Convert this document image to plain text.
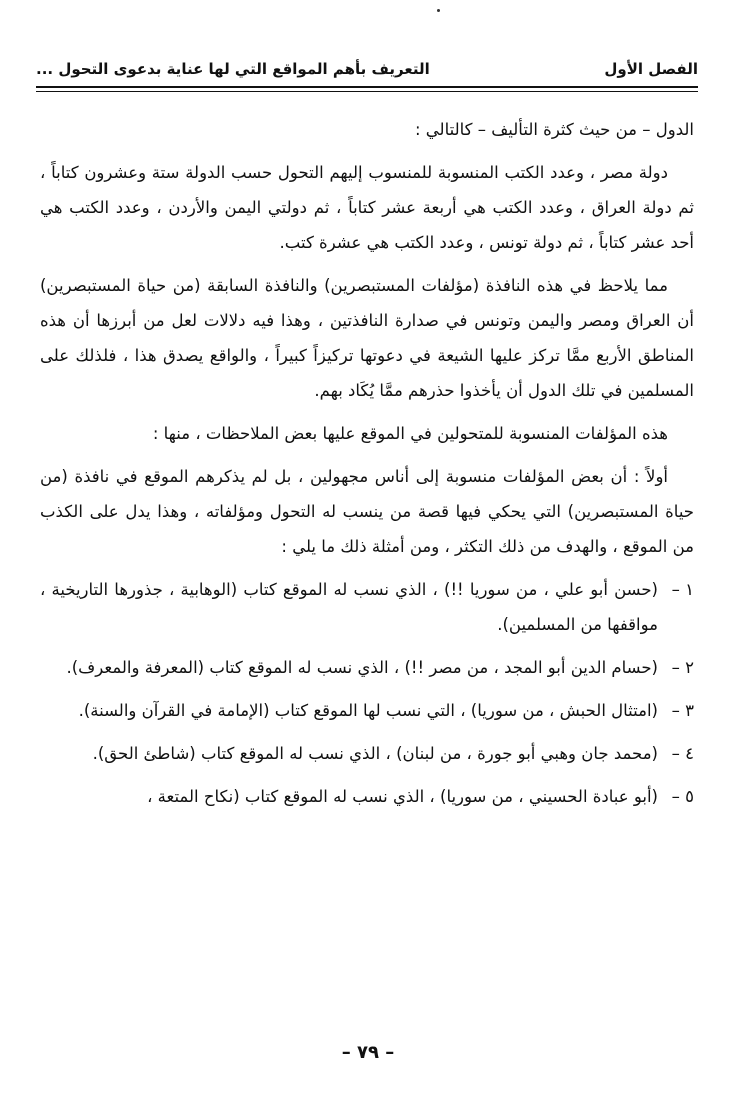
الفصل الأول
التعريف بأهم المواقع التي لها عناية بدعوى التحول ...

الدول – من حيث كثرة التأليف – كالتالي :

دولة مصر ، وعدد الكتب المنسوبة للمنسوب إليهم التحول حسب الدولة ستة وعشرون كتاباً ، ثم دولة العراق ، وعدد الكتب هي أربعة عشر كتاباً ، ثم دولتي اليمن والأردن ، وعدد الكتب هي أحد عشر كتاباً ، ثم دولة تونس ، وعدد الكتب هي عشرة كتب.

مما يلاحظ في هذه النافذة (مؤلفات المستبصرين) والنافذة السابقة (من حياة المستبصرين) أن العراق ومصر واليمن وتونس في صدارة النافذتين ، وهذا فيه دلالات لعل من أبرزها أن هذه المناطق الأربع ممَّا تركز عليها الشيعة في دعوتها تركيزاً كبيراً ، والواقع يصدق هذا ، فلذلك على المسلمين في تلك الدول أن يأخذوا حذرهم ممَّا يُكَاد بهم.

هذه المؤلفات المنسوبة للمتحولين في الموقع عليها بعض الملاحظات ، منها :

أولاً : أن بعض المؤلفات منسوبة إلى أناس مجهولين ، بل لم يذكرهم الموقع في نافذة (من حياة المستبصرين) التي يحكي فيها قصة من ينسب له التحول ومؤلفاته ، وهذا يدل على الكذب من الموقع ، والهدف من ذلك التكثر ، ومن أمثلة ذلك ما يلي :

١ –
(حسن أبو علي ، من سوريا !!) ، الذي نسب له الموقع كتاب (الوهابية ، جذورها التاريخية ، مواقفها من المسلمين).
٢ –
(حسام الدين أبو المجد ، من مصر !!) ، الذي نسب له الموقع كتاب (المعرفة والمعرف).
٣ –
(امتثال الحبش ، من سوريا) ، التي نسب لها الموقع كتاب (الإمامة في القرآن والسنة).
٤ –
(محمد جان وهبي أبو جورة ، من لبنان) ، الذي نسب له الموقع كتاب (شاطئ الحق).
٥ –
(أبو عبادة الحسيني ، من سوريا) ، الذي نسب له الموقع كتاب (نكاح المتعة ،
– ٧٩ –
